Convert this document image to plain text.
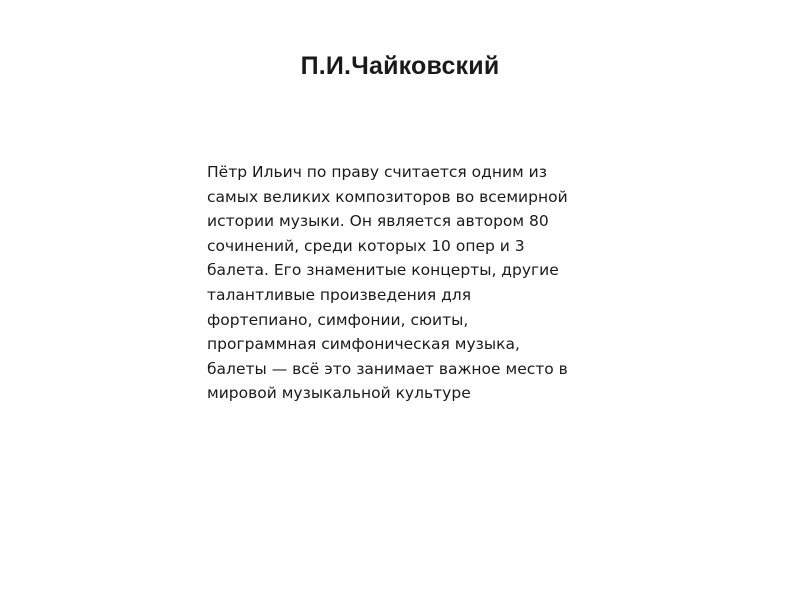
П.И.Чайковский

Пётр Ильич по праву считается одним из
самых великих композиторов во всемирной
истории музыки. Он является автором 80
сочинений, среди которых 10 опер и 3
балета. Его знаменитые концерты, другие
талантливые произведения для
фортепиано, симфонии, сюиты,
программная симфоническая музыка,
балеты — всё это занимает важное место в
мировой музыкальной культуре
